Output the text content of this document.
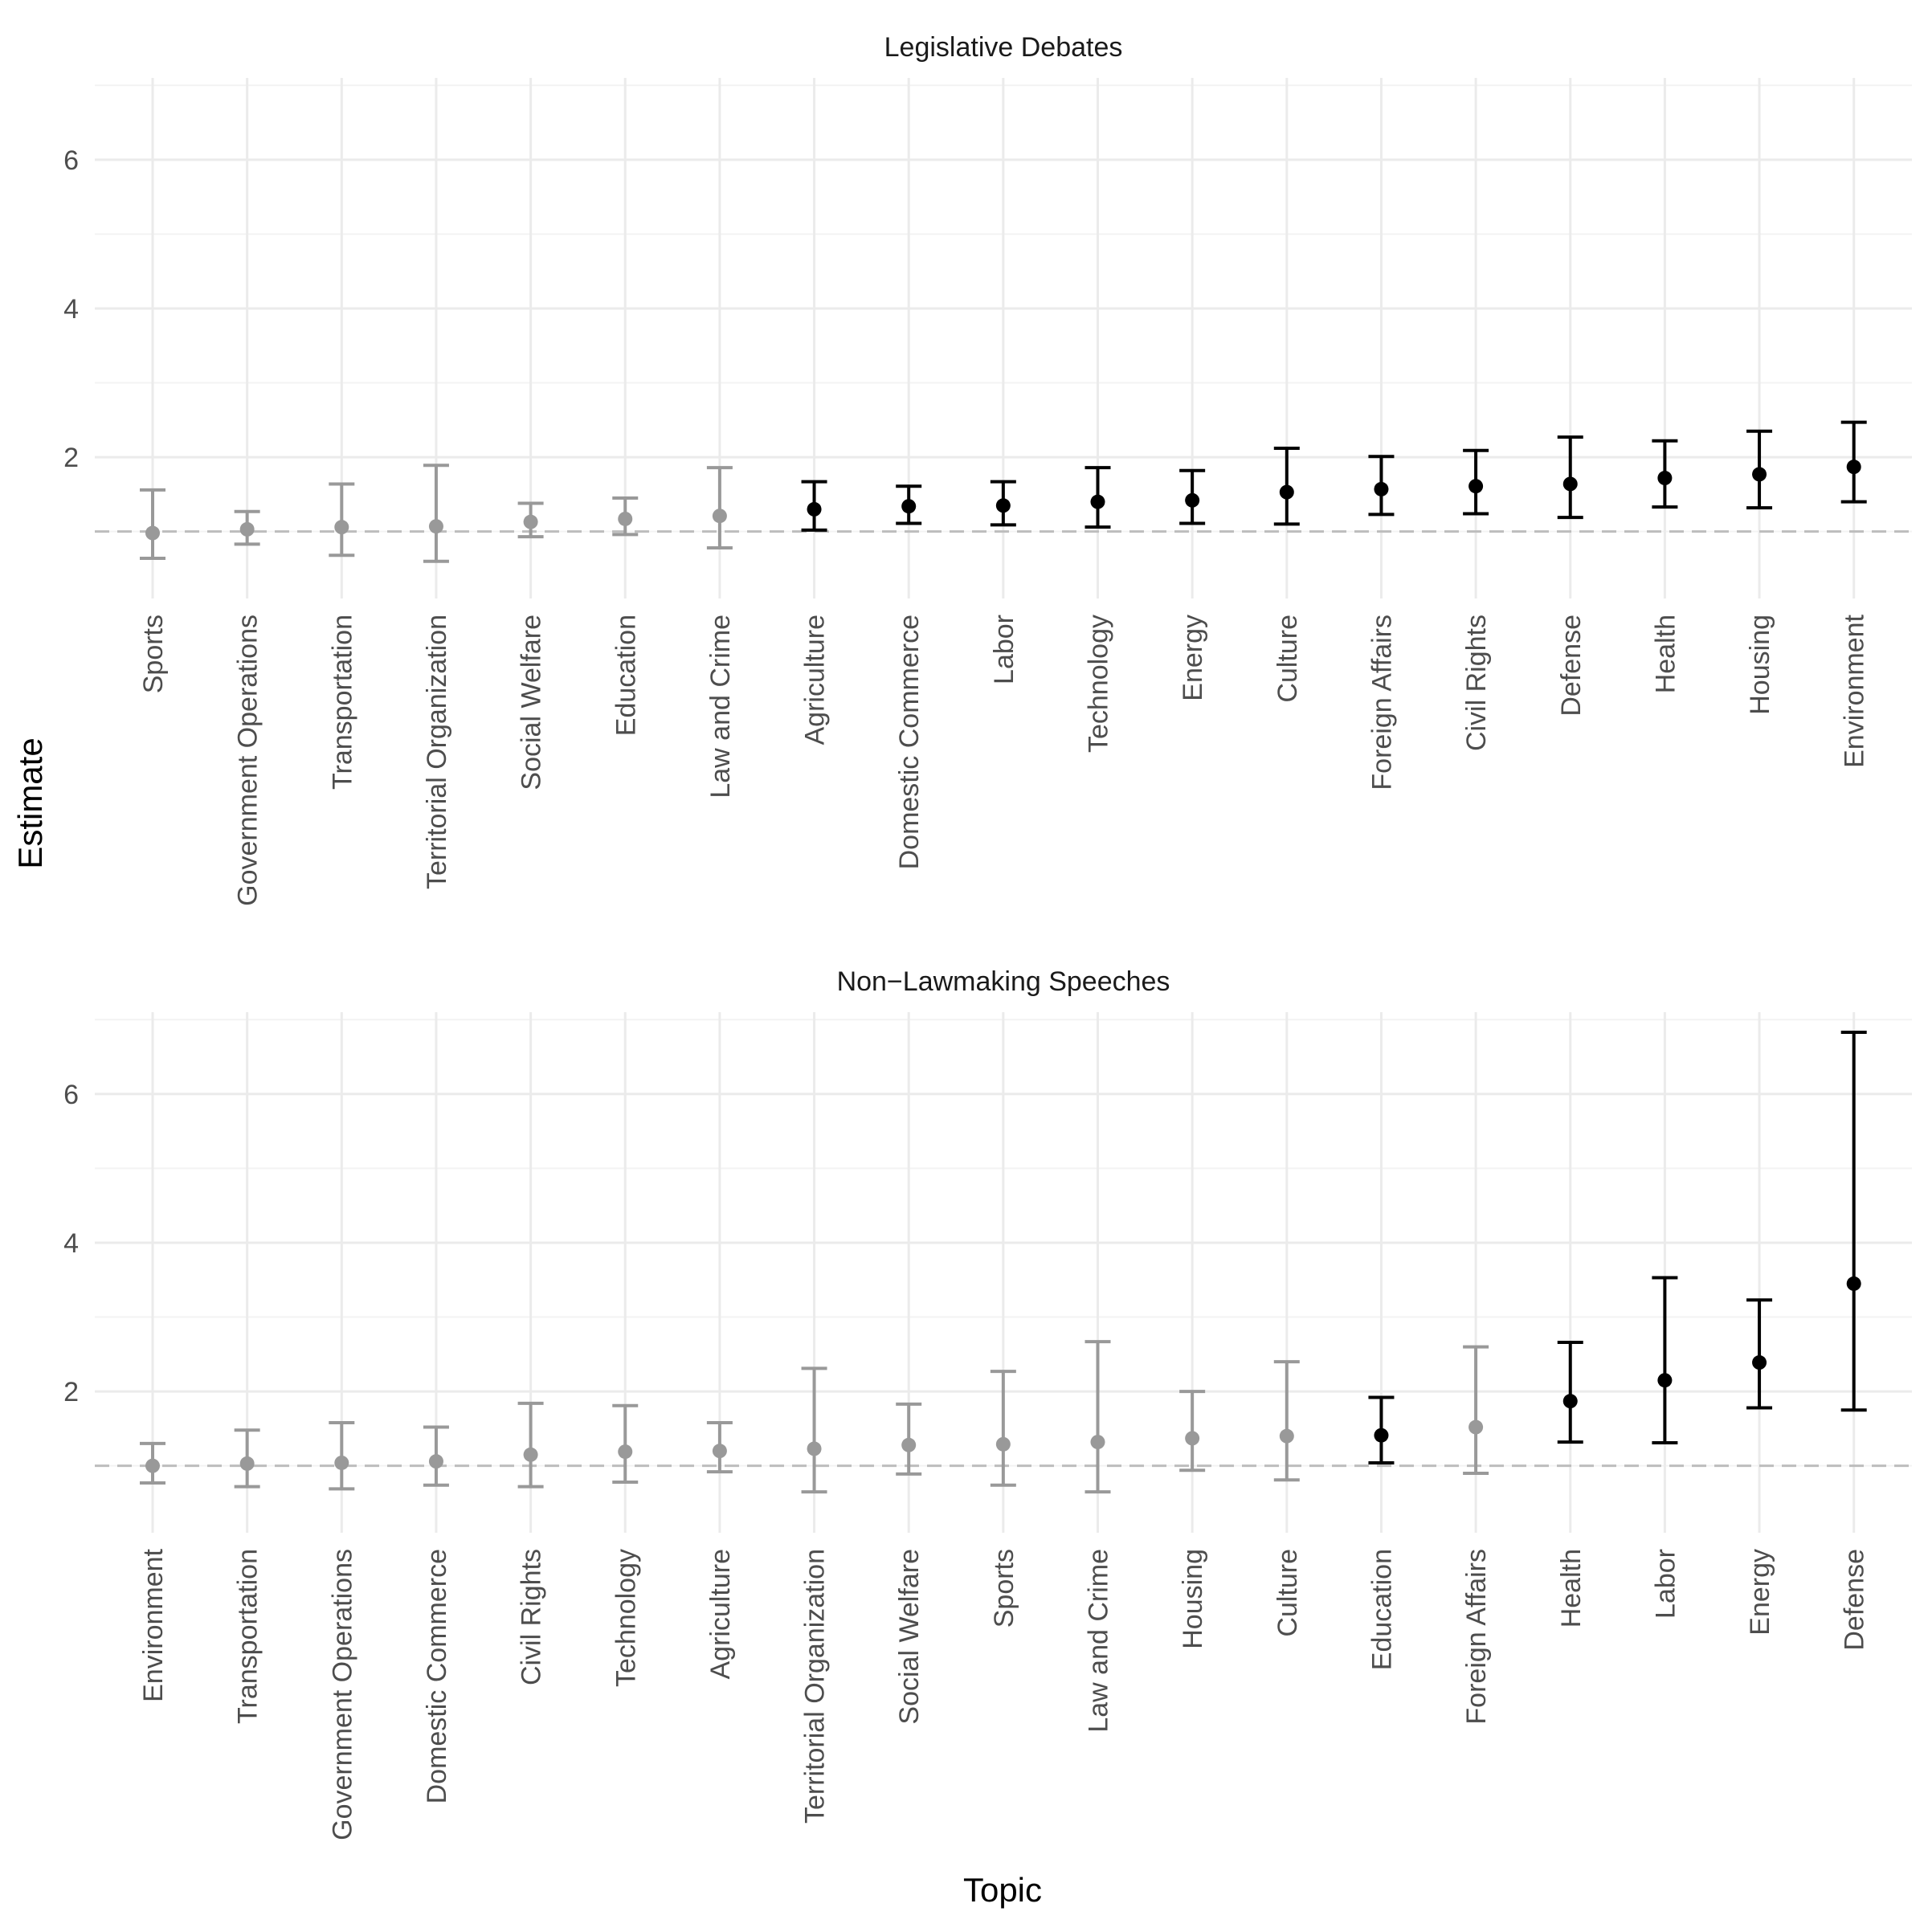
Estimate
Topic
Legislative Debates
2
4
6
Sports Government Operations Transportation Territorial Organization Social Welfare Education Law and Crime Agriculture Domestic Commerce Labor Technology Energy Culture Foreign Affairs Civil Rights Defense Health Housing Environment
Non−Lawmaking Speeches
2
4
6
Environment Transportation Government Operations Domestic Commerce Civil Rights Technology Agriculture Territorial Organization Social Welfare Sports Law and Crime Housing Culture Education Foreign Affairs Health Labor Energy Defense
